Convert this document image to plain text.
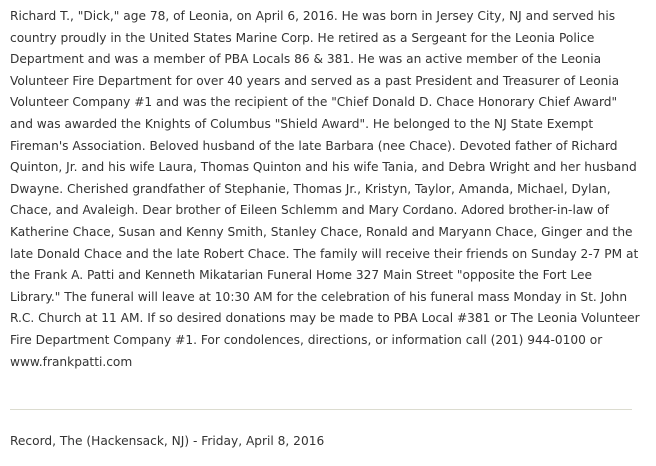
Richard T., "Dick," age 78, of Leonia, on April 6, 2016. He was born in Jersey City, NJ and served his country proudly in the United States Marine Corp. He retired as a Sergeant for the Leonia Police Department and was a member of PBA Locals 86 & 381. He was an active member of the Leonia Volunteer Fire Department for over 40 years and served as a past President and Treasurer of Leonia Volunteer Company #1 and was the recipient of the "Chief Donald D. Chace Honorary Chief Award" and was awarded the Knights of Columbus "Shield Award". He belonged to the NJ State Exempt Fireman's Association. Beloved husband of the late Barbara (nee Chace). Devoted father of Richard Quinton, Jr. and his wife Laura, Thomas Quinton and his wife Tania, and Debra Wright and her husband Dwayne. Cherished grandfather of Stephanie, Thomas Jr., Kristyn, Taylor, Amanda, Michael, Dylan, Chace, and Avaleigh. Dear brother of Eileen Schlemm and Mary Cordano. Adored brother-in-law of Katherine Chace, Susan and Kenny Smith, Stanley Chace, Ronald and Maryann Chace, Ginger and the late Donald Chace and the late Robert Chace. The family will receive their friends on Sunday 2-7 PM at the Frank A. Patti and Kenneth Mikatarian Funeral Home 327 Main Street "opposite the Fort Lee Library." The funeral will leave at 10:30 AM for the celebration of his funeral mass Monday in St. John R.C. Church at 11 AM. If so desired donations may be made to PBA Local #381 or The Leonia Volunteer Fire Department Company #1. For condolences, directions, or information call (201) 944-0100 or www.frankpatti.com

Record, The (Hackensack, NJ) - Friday, April 8, 2016
